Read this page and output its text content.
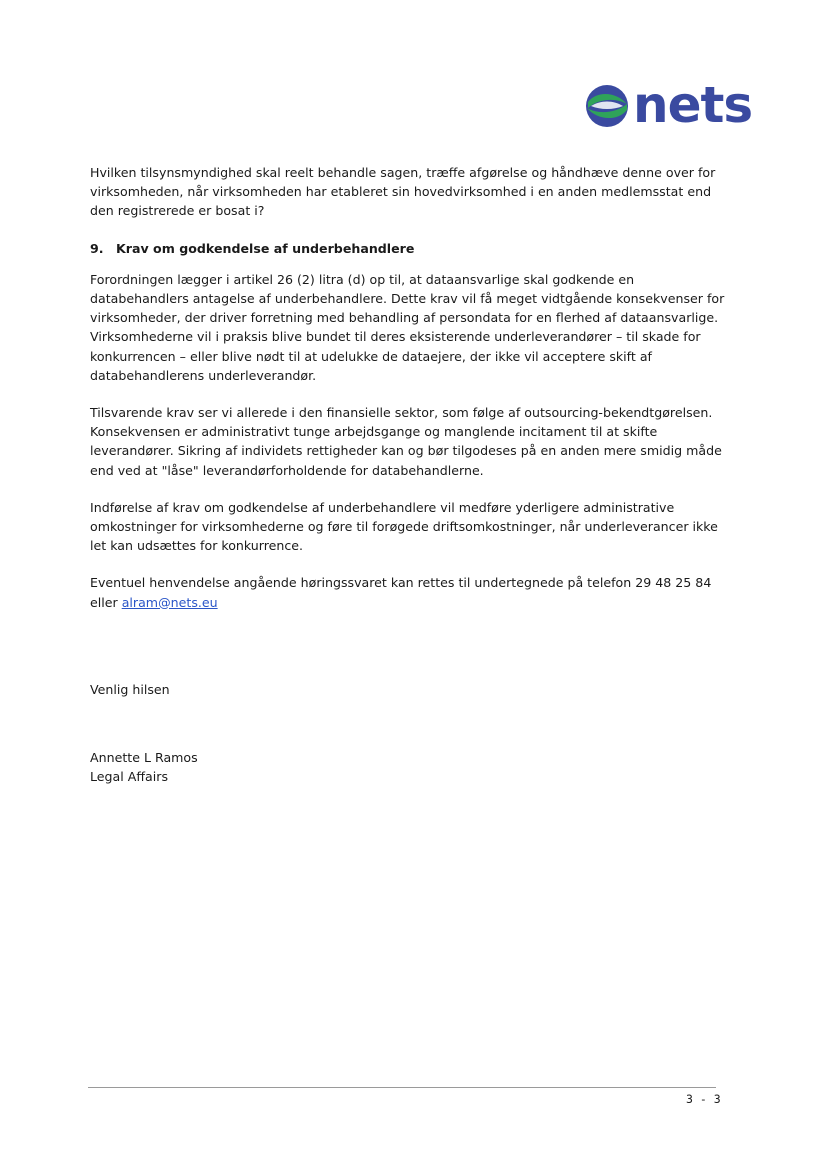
nets

Hvilken tilsynsmyndighed skal reelt behandle sagen, træffe afgørelse og håndhæve denne over for virksomheden, når virksomheden har etableret sin hovedvirksomhed i en anden medlemsstat end den registrerede er bosat i?

9. Krav om godkendelse af underbehandlere

Forordningen lægger i artikel 26 (2) litra (d) op til, at dataansvarlige skal godkende en databehandlers antagelse af underbehandlere. Dette krav vil få meget vidtgående konsekvenser for virksomheder, der driver forretning med behandling af persondata for en flerhed af dataansvarlige. Virksomhederne vil i praksis blive bundet til deres eksisterende underleverandører – til skade for konkurrencen – eller blive nødt til at udelukke de dataejere, der ikke vil acceptere skift af databehandlerens underleverandør.

Tilsvarende krav ser vi allerede i den finansielle sektor, som følge af outsourcing-bekendtgørelsen. Konsekvensen er administrativt tunge arbejdsgange og manglende incitament til at skifte leverandører. Sikring af individets rettigheder kan og bør tilgodeses på en anden mere smidig måde end ved at "låse" leverandørforholdende for databehandlerne.

Indførelse af krav om godkendelse af underbehandlere vil medføre yderligere administrative omkostninger for virksomhederne og føre til forøgede driftsomkostninger, når underleverancer ikke let kan udsættes for konkurrence.

Eventuel henvendelse angående høringssvaret kan rettes til undertegnede på telefon 29 48 25 84 eller alram@nets.eu

Venlig hilsen
Annette L Ramos
Legal Affairs
3 - 3
